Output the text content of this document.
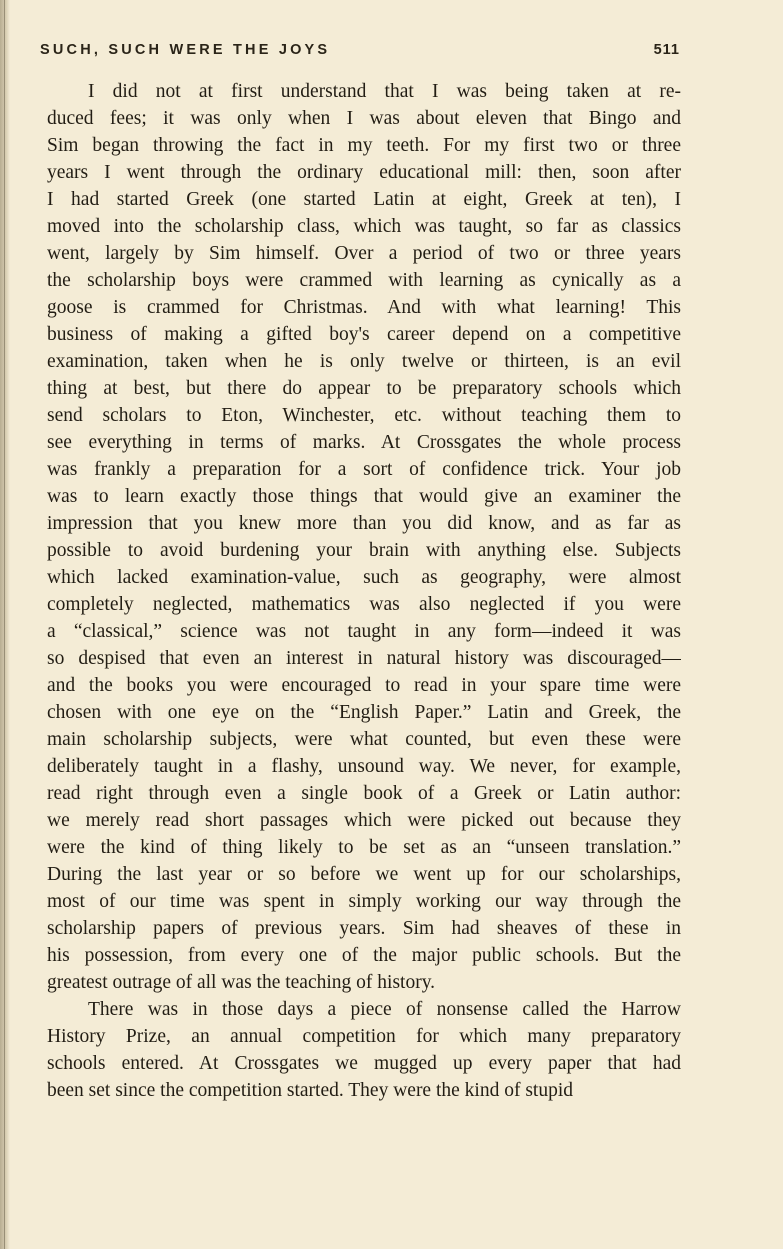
SUCH, SUCH WERE THE JOYS	511
I did not at first understand that I was being taken at re-
duced fees; it was only when I was about eleven that Bingo and
Sim began throwing the fact in my teeth. For my first two or three
years I went through the ordinary educational mill: then, soon after
I had started Greek (one started Latin at eight, Greek at ten), I
moved into the scholarship class, which was taught, so far as classics
went, largely by Sim himself. Over a period of two or three years
the scholarship boys were crammed with learning as cynically as a
goose is crammed for Christmas. And with what learning! This
business of making a gifted boy's career depend on a competitive
examination, taken when he is only twelve or thirteen, is an evil
thing at best, but there do appear to be preparatory schools which
send scholars to Eton, Winchester, etc. without teaching them to
see everything in terms of marks. At Crossgates the whole process
was frankly a preparation for a sort of confidence trick. Your job
was to learn exactly those things that would give an examiner the
impression that you knew more than you did know, and as far as
possible to avoid burdening your brain with anything else. Subjects
which lacked examination-value, such as geography, were almost
completely neglected, mathematics was also neglected if you were
a “classical,” science was not taught in any form—indeed it was
so despised that even an interest in natural history was discouraged—
and the books you were encouraged to read in your spare time were
chosen with one eye on the “English Paper.” Latin and Greek, the
main scholarship subjects, were what counted, but even these were
deliberately taught in a flashy, unsound way. We never, for example,
read right through even a single book of a Greek or Latin author:
we merely read short passages which were picked out because they
were the kind of thing likely to be set as an “unseen translation.”
During the last year or so before we went up for our scholarships,
most of our time was spent in simply working our way through the
scholarship papers of previous years. Sim had sheaves of these in
his possession, from every one of the major public schools. But the
greatest outrage of all was the teaching of history.
There was in those days a piece of nonsense called the Harrow
History Prize, an annual competition for which many preparatory
schools entered. At Crossgates we mugged up every paper that had
been set since the competition started. They were the kind of stupid
